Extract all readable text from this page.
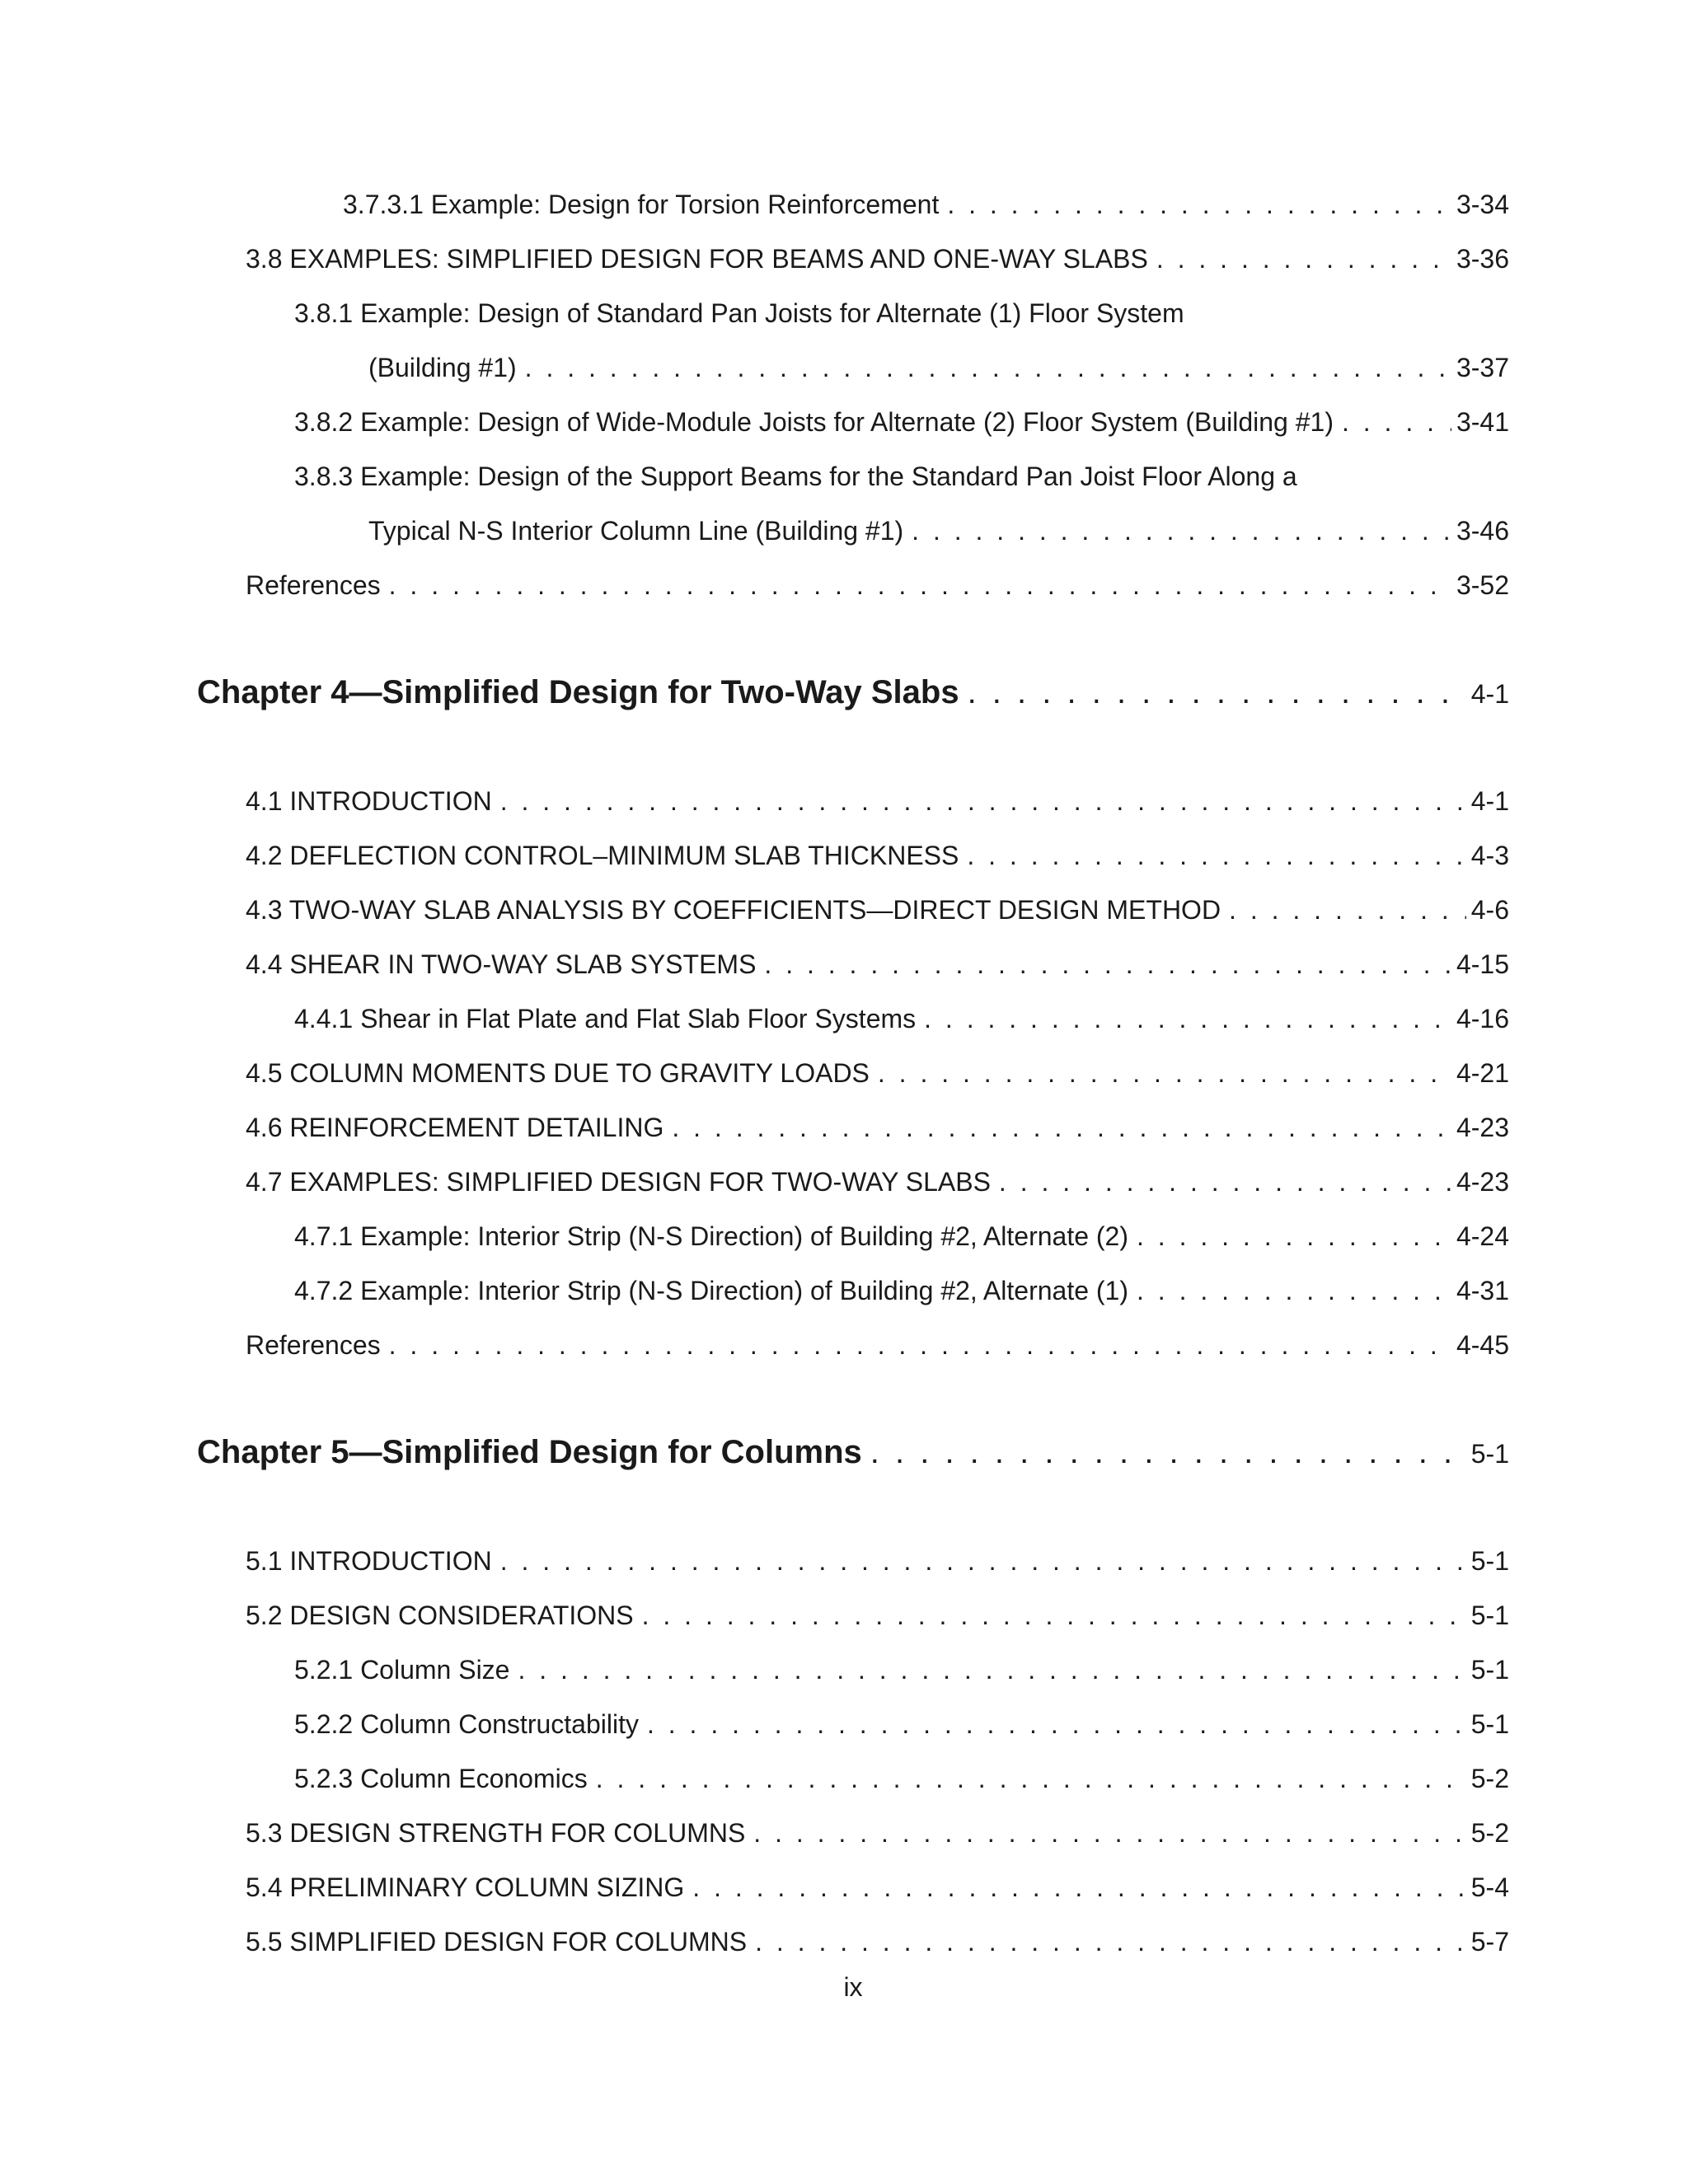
3.7.3.1 Example: Design for Torsion Reinforcement . . .	3-34
3.8 EXAMPLES: SIMPLIFIED DESIGN FOR BEAMS AND ONE-WAY SLABS . . .	3-36
3.8.1 Example: Design of Standard Pan Joists for Alternate (1) Floor System
(Building #1) . . .	3-37
3.8.2 Example: Design of Wide-Module Joists for Alternate (2) Floor System (Building #1) . . .	3-41
3.8.3 Example: Design of the Support Beams for the Standard Pan Joist Floor Along a
Typical N-S Interior Column Line (Building #1) . . .	3-46
References . . .	3-52
Chapter 4—Simplified Design for Two-Way Slabs . . .	4-1
4.1 INTRODUCTION . . .	4-1
4.2 DEFLECTION CONTROL–MINIMUM SLAB THICKNESS . . .	4-3
4.3 TWO-WAY SLAB ANALYSIS BY COEFFICIENTS—DIRECT DESIGN METHOD . . .	4-6
4.4 SHEAR IN TWO-WAY SLAB SYSTEMS . . .	4-15
4.4.1 Shear in Flat Plate and Flat Slab Floor Systems . . .	4-16
4.5 COLUMN MOMENTS DUE TO GRAVITY LOADS . . .	4-21
4.6 REINFORCEMENT DETAILING . . .	4-23
4.7 EXAMPLES: SIMPLIFIED DESIGN FOR TWO-WAY SLABS . . .	4-23
4.7.1 Example: Interior Strip (N-S Direction) of Building #2, Alternate (2) . . .	4-24
4.7.2 Example: Interior Strip (N-S Direction) of Building #2, Alternate (1) . . .	4-31
References . . .	4-45
Chapter 5—Simplified Design for Columns . . .	5-1
5.1 INTRODUCTION . . .	5-1
5.2 DESIGN CONSIDERATIONS . . .	5-1
5.2.1 Column Size . . .	5-1
5.2.2 Column Constructability . . .	5-1
5.2.3 Column Economics . . .	5-2
5.3 DESIGN STRENGTH FOR COLUMNS . . .	5-2
5.4 PRELIMINARY COLUMN SIZING . . .	5-4
5.5 SIMPLIFIED DESIGN FOR COLUMNS . . .	5-7
ix
